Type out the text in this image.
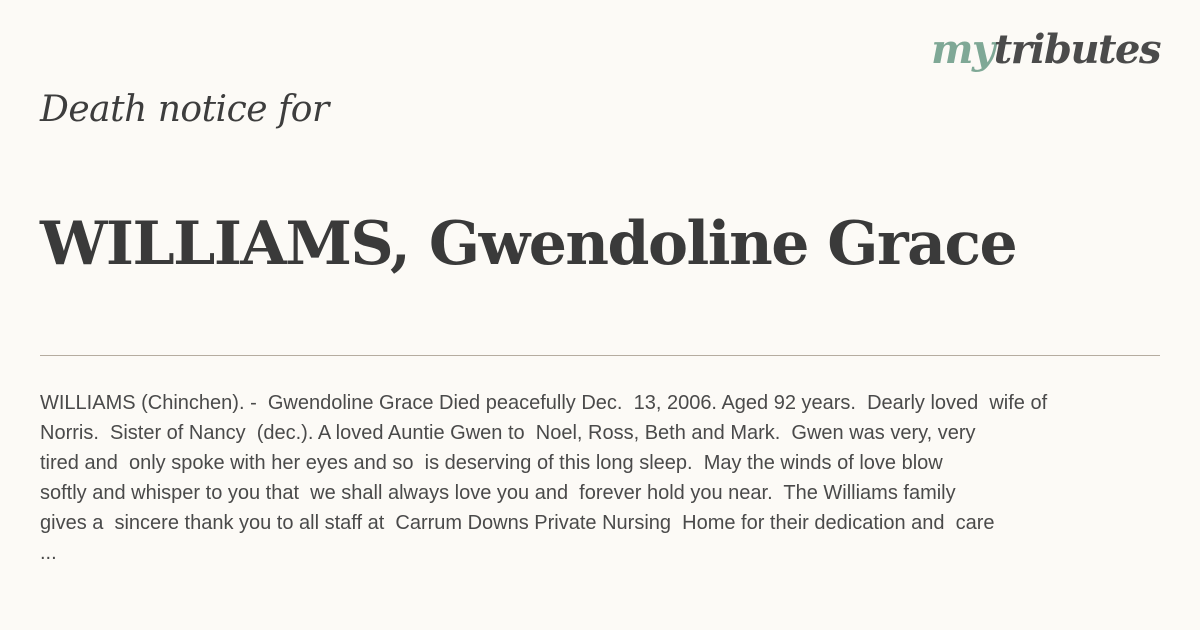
mytributes
Death notice for
WILLIAMS, Gwendoline Grace

WILLIAMS (Chinchen). -  Gwendoline Grace Died peacefully Dec.  13, 2006. Aged 92 years.  Dearly loved  wife of
Norris.  Sister of Nancy  (dec.). A loved Auntie Gwen to  Noel, Ross, Beth and Mark.  Gwen was very, very
tired and  only spoke with her eyes and so  is deserving of this long sleep.  May the winds of love blow
softly and whisper to you that  we shall always love you and  forever hold you near.  The Williams family
gives a  sincere thank you to all staff at  Carrum Downs Private Nursing  Home for their dedication and  care
...
